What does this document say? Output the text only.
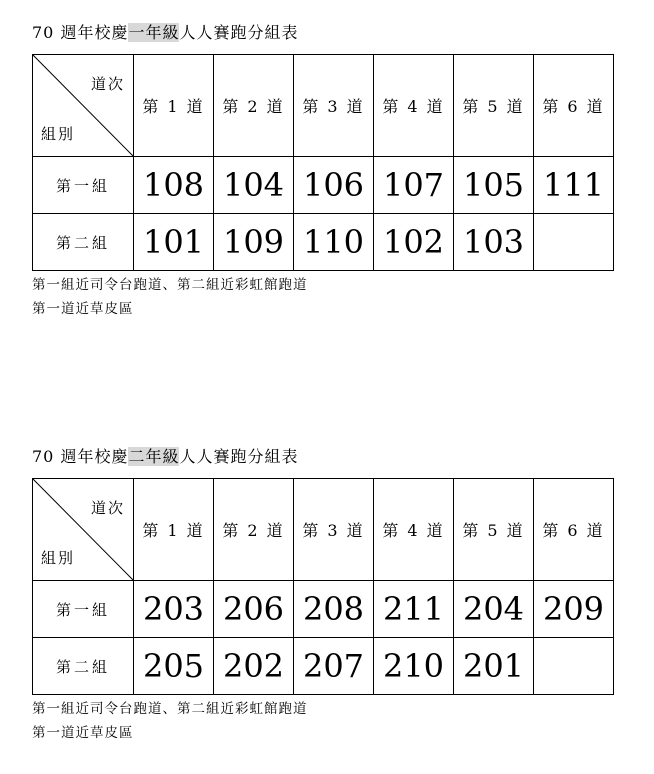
70 週年校慶一年級人人賽跑分組表
道次
組別	第 1 道	第 2 道	第 3 道	第 4 道	第 5 道	第 6 道
第一組	108	104	106	107	105	111
第二組	101	109	110	102	103	
第一組近司令台跑道、第二組近彩虹館跑道
第一道近草皮區
70 週年校慶二年級人人賽跑分組表
道次
組別	第 1 道	第 2 道	第 3 道	第 4 道	第 5 道	第 6 道
第一組	203	206	208	211	204	209
第二組	205	202	207	210	201	
第一組近司令台跑道、第二組近彩虹館跑道
第一道近草皮區
